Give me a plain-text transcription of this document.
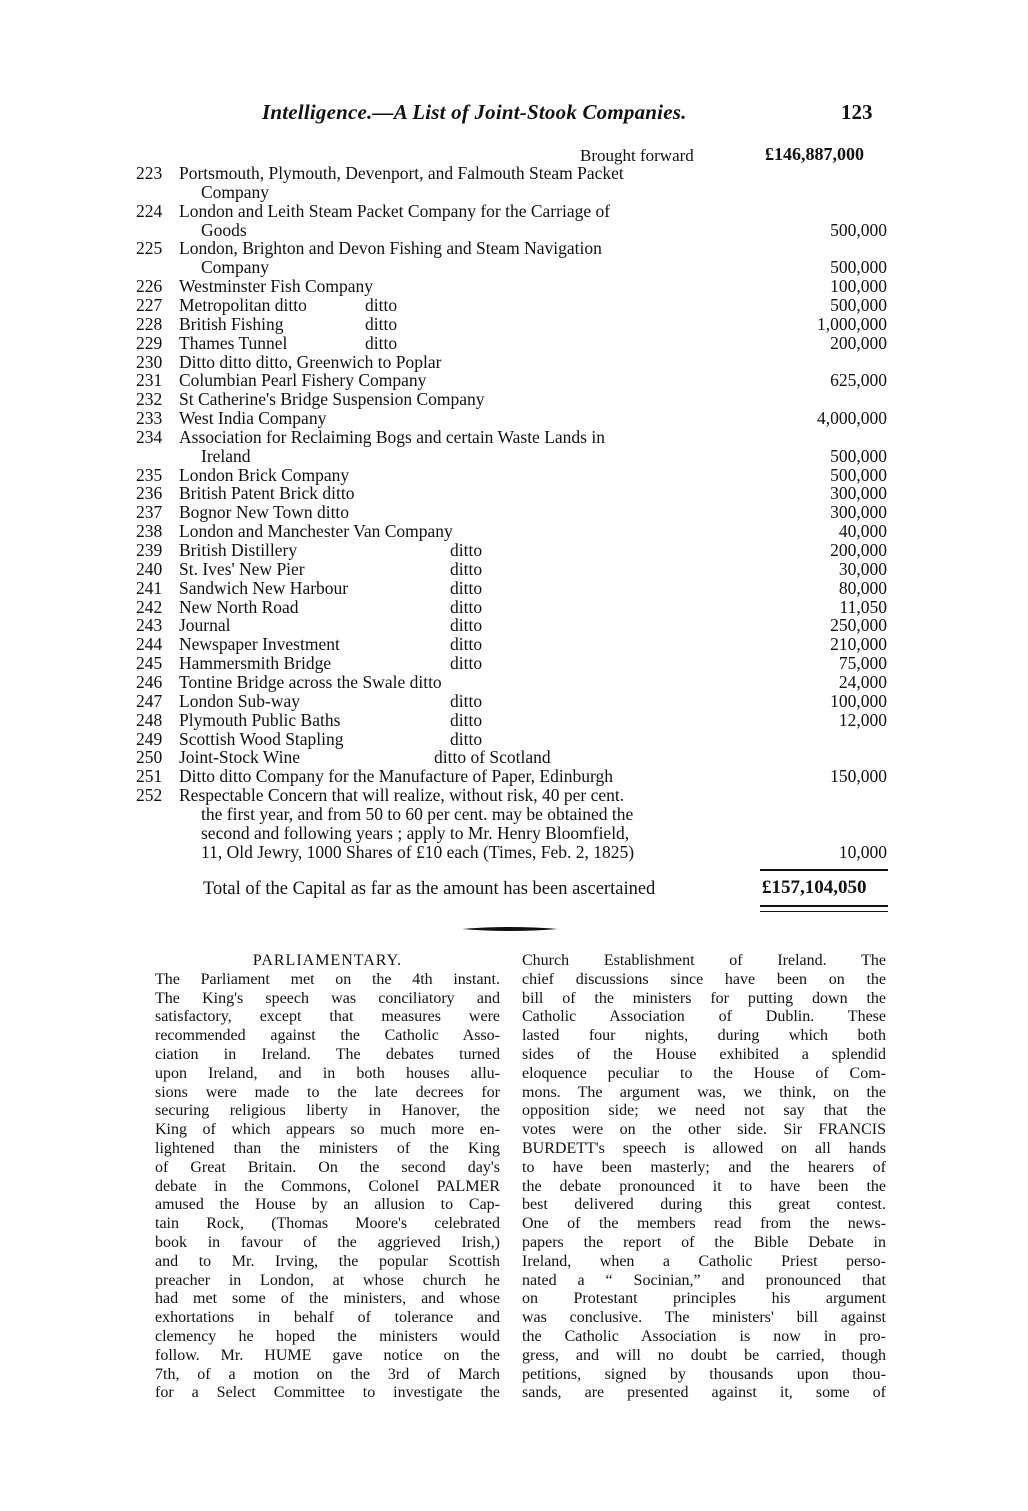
Intelligence.—A List of Joint-Stook Companies.	123
Brought forward	£146,887,000
223 Portsmouth, Plymouth, Devenport, and Falmouth Steam Packet
Company
224 London and Leith Steam Packet Company for the Carriage of
Goods	500,000
225 London, Brighton and Devon Fishing and Steam Navigation
Company	500,000
226 Westminster Fish Company	100,000
227 Metropolitan ditto	ditto	500,000
228 British Fishing	ditto	1,000,000
229 Thames Tunnel	ditto	200,000
230 Ditto ditto ditto, Greenwich to Poplar
231 Columbian Pearl Fishery Company	625,000
232 St Catherine's Bridge Suspension Company
233 West India Company	4,000,000
234 Association for Reclaiming Bogs and certain Waste Lands in
Ireland	500,000
235 London Brick Company	500,000
236 British Patent Brick ditto	300,000
237 Bognor New Town ditto	300,000
238 London and Manchester Van Company	40,000
239 British Distillery	ditto	200,000
240 St. Ives' New Pier	ditto	30,000
241 Sandwich New Harbour	ditto	80,000
242 New North Road	ditto	11,050
243 Journal	ditto	250,000
244 Newspaper Investment	ditto	210,000
245 Hammersmith Bridge	ditto	75,000
246 Tontine Bridge across the Swale ditto	24,000
247 London Sub-way	ditto	100,000
248 Plymouth Public Baths	ditto	12,000
249 Scottish Wood Stapling	ditto
250 Joint-Stock Wine	ditto of Scotland
251 Ditto ditto Company for the Manufacture of Paper, Edinburgh	150,000
252 Respectable Concern that will realize, without risk, 40 per cent.
the first year, and from 50 to 60 per cent. may be obtained the
second and following years ; apply to Mr. Henry Bloomfield,
11, Old Jewry, 1000 Shares of £10 each (Times, Feb. 2, 1825)	10,000
Total of the Capital as far as the amount has been ascertained	£157,104,050
PARLIAMENTARY.

The Parliament met on the 4th instant.

The King's speech was conciliatory and

satisfactory, except that measures were

recommended against the Catholic Asso-

ciation in Ireland. The debates turned

upon Ireland, and in both houses allu-

sions were made to the late decrees for

securing religious liberty in Hanover, the

King of which appears so much more en-

lightened than the ministers of the King

of Great Britain. On the second day's

debate in the Commons, Colonel PALMER

amused the House by an allusion to Cap-

tain Rock, (Thomas Moore's celebrated

book in favour of the aggrieved Irish,)

and to Mr. Irving, the popular Scottish

preacher in London, at whose church he

had met some of the ministers, and whose

exhortations in behalf of tolerance and

clemency he hoped the ministers would

follow. Mr. HUME gave notice on the

7th, of a motion on the 3rd of March

for a Select Committee to investigate the

Church Establishment of Ireland. The

chief discussions since have been on the

bill of the ministers for putting down the

Catholic Association of Dublin. These

lasted four nights, during which both

sides of the House exhibited a splendid

eloquence peculiar to the House of Com-

mons. The argument was, we think, on the

opposition side; we need not say that the

votes were on the other side. Sir FRANCIS

BURDETT's speech is allowed on all hands

to have been masterly; and the hearers of

the debate pronounced it to have been the

best delivered during this great contest.

One of the members read from the news-

papers the report of the Bible Debate in

Ireland, when a Catholic Priest perso-

nated a “ Socinian,” and pronounced that

on Protestant principles his argument

was conclusive. The ministers' bill against

the Catholic Association is now in pro-

gress, and will no doubt be carried, though

petitions, signed by thousands upon thou-

sands, are presented against it, some of
